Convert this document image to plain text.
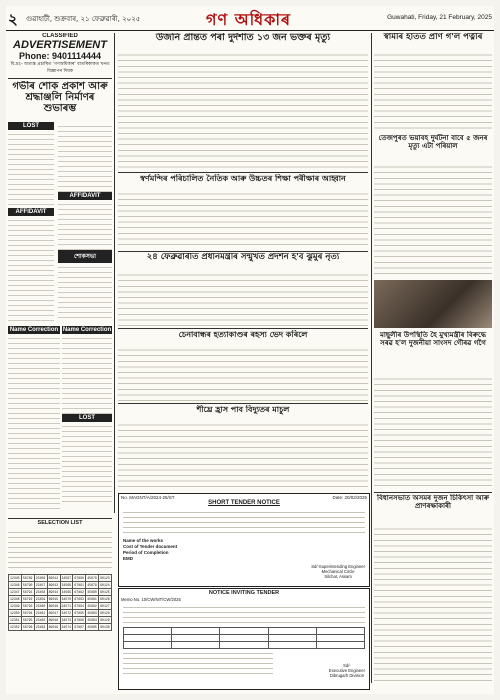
২ গুৱাহাটী, শুক্ৰবাৰ, ২১ ফেব্ৰুৱাৰী, ২০২৫	গণ অধিকাৰ	Guwahati, Friday, 21 February, 2025
CLASSIFIED
ADVERTISEMENT
Phone: 9401114444
বি.দ্ৰঃ- অত্যন্ত প্ৰচাৰিত 'গণঅধিকাৰ' বাতৰিকাকত খনত বিজ্ঞাপন দিয়ক
গভীৰ শোক প্ৰকাশ আৰু শ্ৰদ্ধাঞ্জলি নিৰ্মাণৰ শুভাৰম্ভ
LOST
AFFIDAVIT
AFFIDAVIT
শোকসভা
Name Correction Name Correction
LOST
উজনি প্ৰান্তত পৰা দুৰ্দশাত ১৩ জন ভক্তৰ মৃত্যু	স্বামীৰ হাতত প্ৰাণ গ'ল পত্নীৰ
তেজপুৰত ভয়াবহ দুৰ্ঘটনা বাবে ৫ জনৰ মৃত্যু এটা পৰিয়াল
স্বৰ্ণমন্দিৰ পৰিচালিত নৈতিক আৰু উচ্চতৰ শিক্ষা পৰীক্ষাৰ আহ্বান
২৪ ফেব্ৰুৱাৰীত প্ৰধানমন্ত্ৰীৰ সন্মুখত প্ৰদৰ্শন হ'ব ঝুমুৰ নৃত্য
চেনাবান্ধৰ হত্যাকাণ্ডৰ ৰহস্য ভেদ কৰিলে
শীঘ্ৰে হ্ৰাস পাব বিদ্যুতৰ মাচুল
মাছুলীৰ উপস্থিতি হৈ মুখ্যমন্ত্ৰীৰ বিৰুদ্ধে সৰৱ হ'ল দুজনীয়া সাংসদ গৌৰৱ গগৈ
বিধানসভাত অসমৰ দুজন চিকিৎসা আৰু প্ৰাণৰক্ষাকাৰী
No. MAGNT/A/2024-25/ST	Date: 20/02/2025
SHORT TENDER NOTICE
Name of the works
Cost of Tender document
Period of Completion
EMD
Sd/-Superintending Engineer
Mechanical Circle
Silchar, Assam
NOTICE INVITING TENDER
Memo No. 10/CW/NIT/CW/2025

Sd/-
Executive Engineer
Dibrugarh Division
SELECTION LIST
12345	56789	23456	89012	34567	67890	45678	90123
12346	56790	23457	89013	34568	67891	45679	90124
12347	56791	23458	89014	34569	67892	45680	90125
12348	56792	23459	89015	34570	67893	45681	90126
12349	56793	23460	89016	34571	67894	45682	90127
12350	56794	23461	89017	34572	67895	45683	90128
12351	56795	23462	89018	34573	67896	45684	90129
12352	56796	23463	89019	34574	67897	45685	90130
